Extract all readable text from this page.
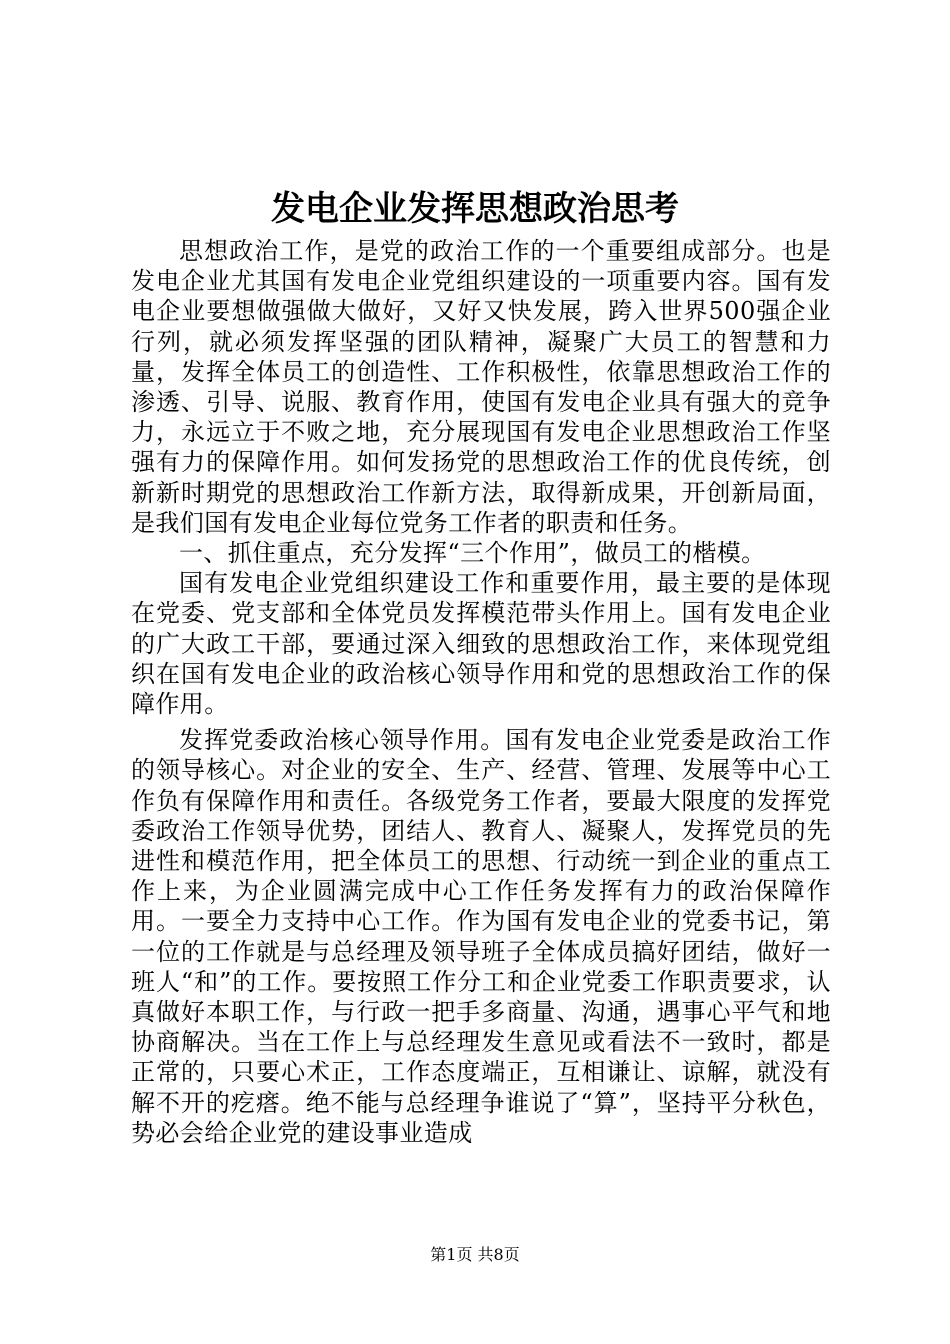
发电企业发挥思想政治思考

思想政治工作，是党的政治工作的一个重要组成部分。也是发电企业尤其国有发电企业党组织建设的一项重要内容。国有发电企业要想做强做大做好，又好又快发展，跨入世界500强企业行列，就必须发挥坚强的团队精神，凝聚广大员工的智慧和力量，发挥全体员工的创造性、工作积极性，依靠思想政治工作的渗透、引导、说服、教育作用，使国有发电企业具有强大的竞争力，永远立于不败之地，充分展现国有发电企业思想政治工作坚强有力的保障作用。如何发扬党的思想政治工作的优良传统，创新新时期党的思想政治工作新方法，取得新成果，开创新局面，是我们国有发电企业每位党务工作者的职责和任务。

一、抓住重点，充分发挥“三个作用”，做员工的楷模。

国有发电企业党组织建设工作和重要作用，最主要的是体现在党委、党支部和全体党员发挥模范带头作用上。国有发电企业的广大政工干部，要通过深入细致的思想政治工作，来体现党组织在国有发电企业的政治核心领导作用和党的思想政治工作的保障作用。

发挥党委政治核心领导作用。国有发电企业党委是政治工作的领导核心。对企业的安全、生产、经营、管理、发展等中心工作负有保障作用和责任。各级党务工作者，要最大限度的发挥党委政治工作领导优势，团结人、教育人、凝聚人，发挥党员的先进性和模范作用，把全体员工的思想、行动统一到企业的重点工作上来，为企业圆满完成中心工作任务发挥有力的政治保障作用。一要全力支持中心工作。作为国有发电企业的党委书记，第一位的工作就是与总经理及领导班子全体成员搞好团结，做好一班人“和”的工作。要按照工作分工和企业党委工作职责要求，认真做好本职工作，与行政一把手多商量、沟通，遇事心平气和地协商解决。当在工作上与总经理发生意见或看法不一致时，都是正常的，只要心术正，工作态度端正，互相谦让、谅解，就没有解不开的疙瘩。绝不能与总经理争谁说了“算”，坚持平分秋色，势必会给企业党的建设事业造成

第1页 共8页
